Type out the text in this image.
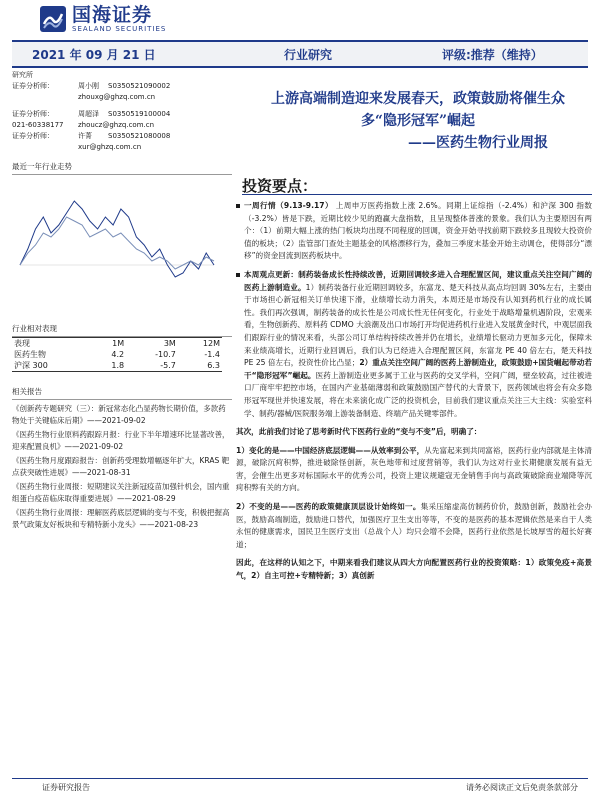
国海证券
SEALAND SECURITIES
2021 年 09 月 21 日	行业研究	评级:推荐（维持）
研究所
证券分析师：	周小刚	S0350521090002
zhouxg@ghzq.com.cn
证券分析师：	周超泽	S0350519100004
021-60338177	zhoucz@ghzq.com.cn
证券分析师：	许菁	S0350521080008
xur@ghzq.com.cn
最近一年行业走势
行业相对表现
表现	1M	3M	12M
医药生物	4.2	-10.7	-1.4
沪深 300	1.8	-5.7	6.3
相关报告
《创新药专题研究（三）：新冠常态化凸显药物长期价值，多款药物处于关键临床后期》——2021-09-02
《医药生物行业原料药跟踪月报：行业下半年增速环比显著改善，迎来配置良机》——2021-09-02
《医药生物月度跟踪报告：创新药受理数增幅逐年扩大，KRAS 靶点获突破性进展》——2021-08-31
《医药生物行业周报：短期建议关注新冠疫苗加强针机会，国内重组蛋白疫苗临床取得重要进展》——2021-08-29
《医药生物行业周报：理解医药底层逻辑的变与不变，积极把握高景气政策友好板块和专精特新小龙头》——2021-08-23
上游高端制造迎来发展春天，政策鼓励将催生众
多“隐形冠军”崛起
——医药生物行业周报
投资要点：

一周行情（9.13-9.17） 上周申万医药指数上涨 2.6%。同期上证综指（-2.4%）和沪深 300 指数（-3.2%）皆是下跌，近期比较少见的跑赢大盘指数，且呈现整体普涨的景象。我们认为主要原因有两个：（1）前期大幅上涨的热门板块均出现不同程度的回调，资金开始寻找前期下跌较多且现较大投资价值的板块；（2）监管部门查处主题基金的风格漂移行为，叠加三季度末基金开始主动调仓，使得部分“漂移”的资金回流到医药板块中。

本周观点更新：制药装备成长性持续改善，近期回调较多进入合理配置区间，建议重点关注空间广阔的医药上游制造业。1）制药装备行业近期回调较多，东富龙、楚天科技从高点均回调 30%左右，主要由于市场担心新冠相关订单快速下滑，业绩增长动力消失，本周还是市场没有认知到药机行业的成长属性。我们再次强调，制药装备的成长性是公司成长性无任何变化，行业处于战略增量机遇阶段，宏观来看，生物创新药、原料药 CDMO 大浪潮及出口市场打开均促进药机行业进入发展黄金时代，中观层面我们跟踪行业的情况来看，头部公司订单结构持续改善并仍在增长，业绩增长驱动力更加多元化，保障未来业绩高增长，近期行业回调后，我们认为已经进入合理配置区间，东富龙 PE 40 倍左右，楚天科技 PE 25 倍左右，投资性价比凸显；2）重点关注空间广阔的医药上游制造业，政策鼓励+国货崛起带动若干“隐形冠军”崛起。医药上游制造业更多属于工业与医药的交叉学科，空间广阔，壁垒较高，过往被进口厂商牢牢把控市场，在国内产业基础薄弱和政策鼓励国产替代的大背景下，医药领域也将会有众多隐形冠军现世并快速发展，将在未来演化成广泛的投资机会，目前我们建议重点关注三大主线：实验室科学、制药/器械/医院服务端上游装备制造、终端产品关键零部件。

其次，此前我们讨论了思考新时代下医药行业的“变与不变”后，明确了：

1）变化的是——中国经济底层逻辑——从效率到公平，从先富起来到共同富裕，医药行业内部就是主体清源，破除沉疴积弊，推进破除怪创新，灰色地带和过度营销等，我们认为这对行业长期健康发展有益无害，会催生出更多对标国际水平的优秀公司，投资上建议规避寇无金销售手向与高政策破除商业端降等沉疴积弊有关的方向。

2）不变的是——医药的政策健康顶层设计始终如一。集采压缩虚高仿制药价价，鼓励创新，鼓励社会办医，鼓励高端制造，鼓励进口替代，加强医疗卫生支出等等，不变的是医药的基本逻辑依然是来自于人类永恒的健康需求，国民卫生医疗支出（总战个人）均只会增不会降，医药行业依然是长坡厚雪的超长好赛道；

因此，在这样的认知之下，中期来看我们建议从四大方向配置医药行业的投资策略：1）政策免疫+高景气，2）自主可控+专精特新；3）真创新

证券研究报告	请务必阅读正文后免责条款部分
